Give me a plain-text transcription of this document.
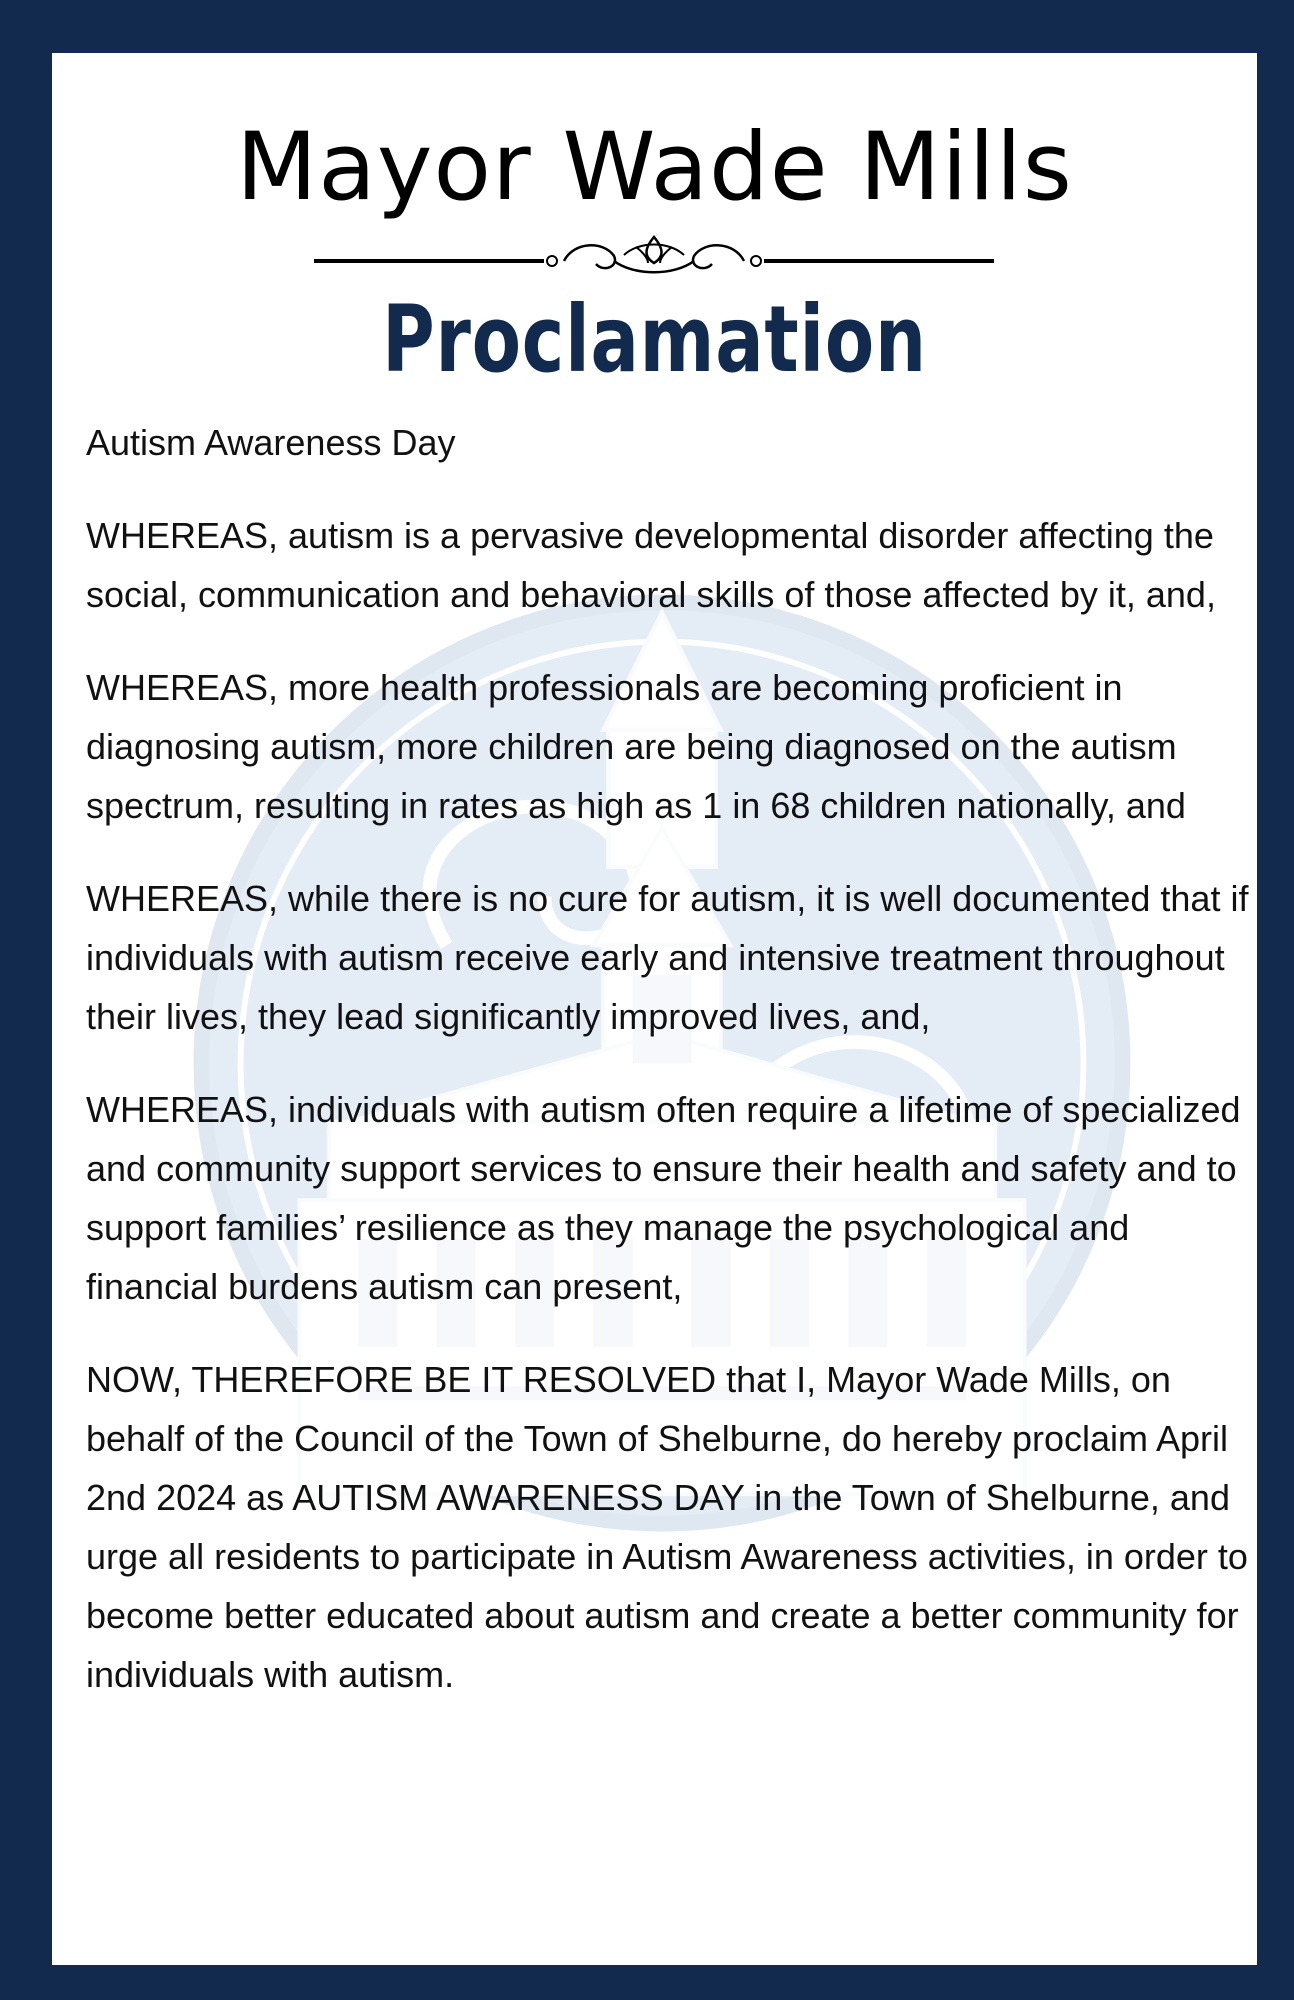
Mayor Wade Mills
Proclamation

Autism Awareness Day

WHEREAS, autism is a pervasive developmental disorder affecting the social, communication and behavioral skills of those affected by it, and,

WHEREAS, more health professionals are becoming proficient in diagnosing autism, more children are being diagnosed on the autism spectrum, resulting in rates as high as 1 in 68 children nationally, and

WHEREAS, while there is no cure for autism, it is well documented that if individuals with autism receive early and intensive treatment throughout their lives, they lead significantly improved lives, and,

WHEREAS, individuals with autism often require a lifetime of specialized and community support services to ensure their health and safety and to support families’ resilience as they manage the psychological and financial burdens autism can present,

NOW, THEREFORE BE IT RESOLVED that I, Mayor Wade Mills, on behalf of the Council of the Town of Shelburne, do hereby proclaim April 2nd 2024 as AUTISM AWARENESS DAY in the Town of Shelburne, and urge all residents to participate in Autism Awareness activities, in order to become better educated about autism and create a better community for individuals with autism.
